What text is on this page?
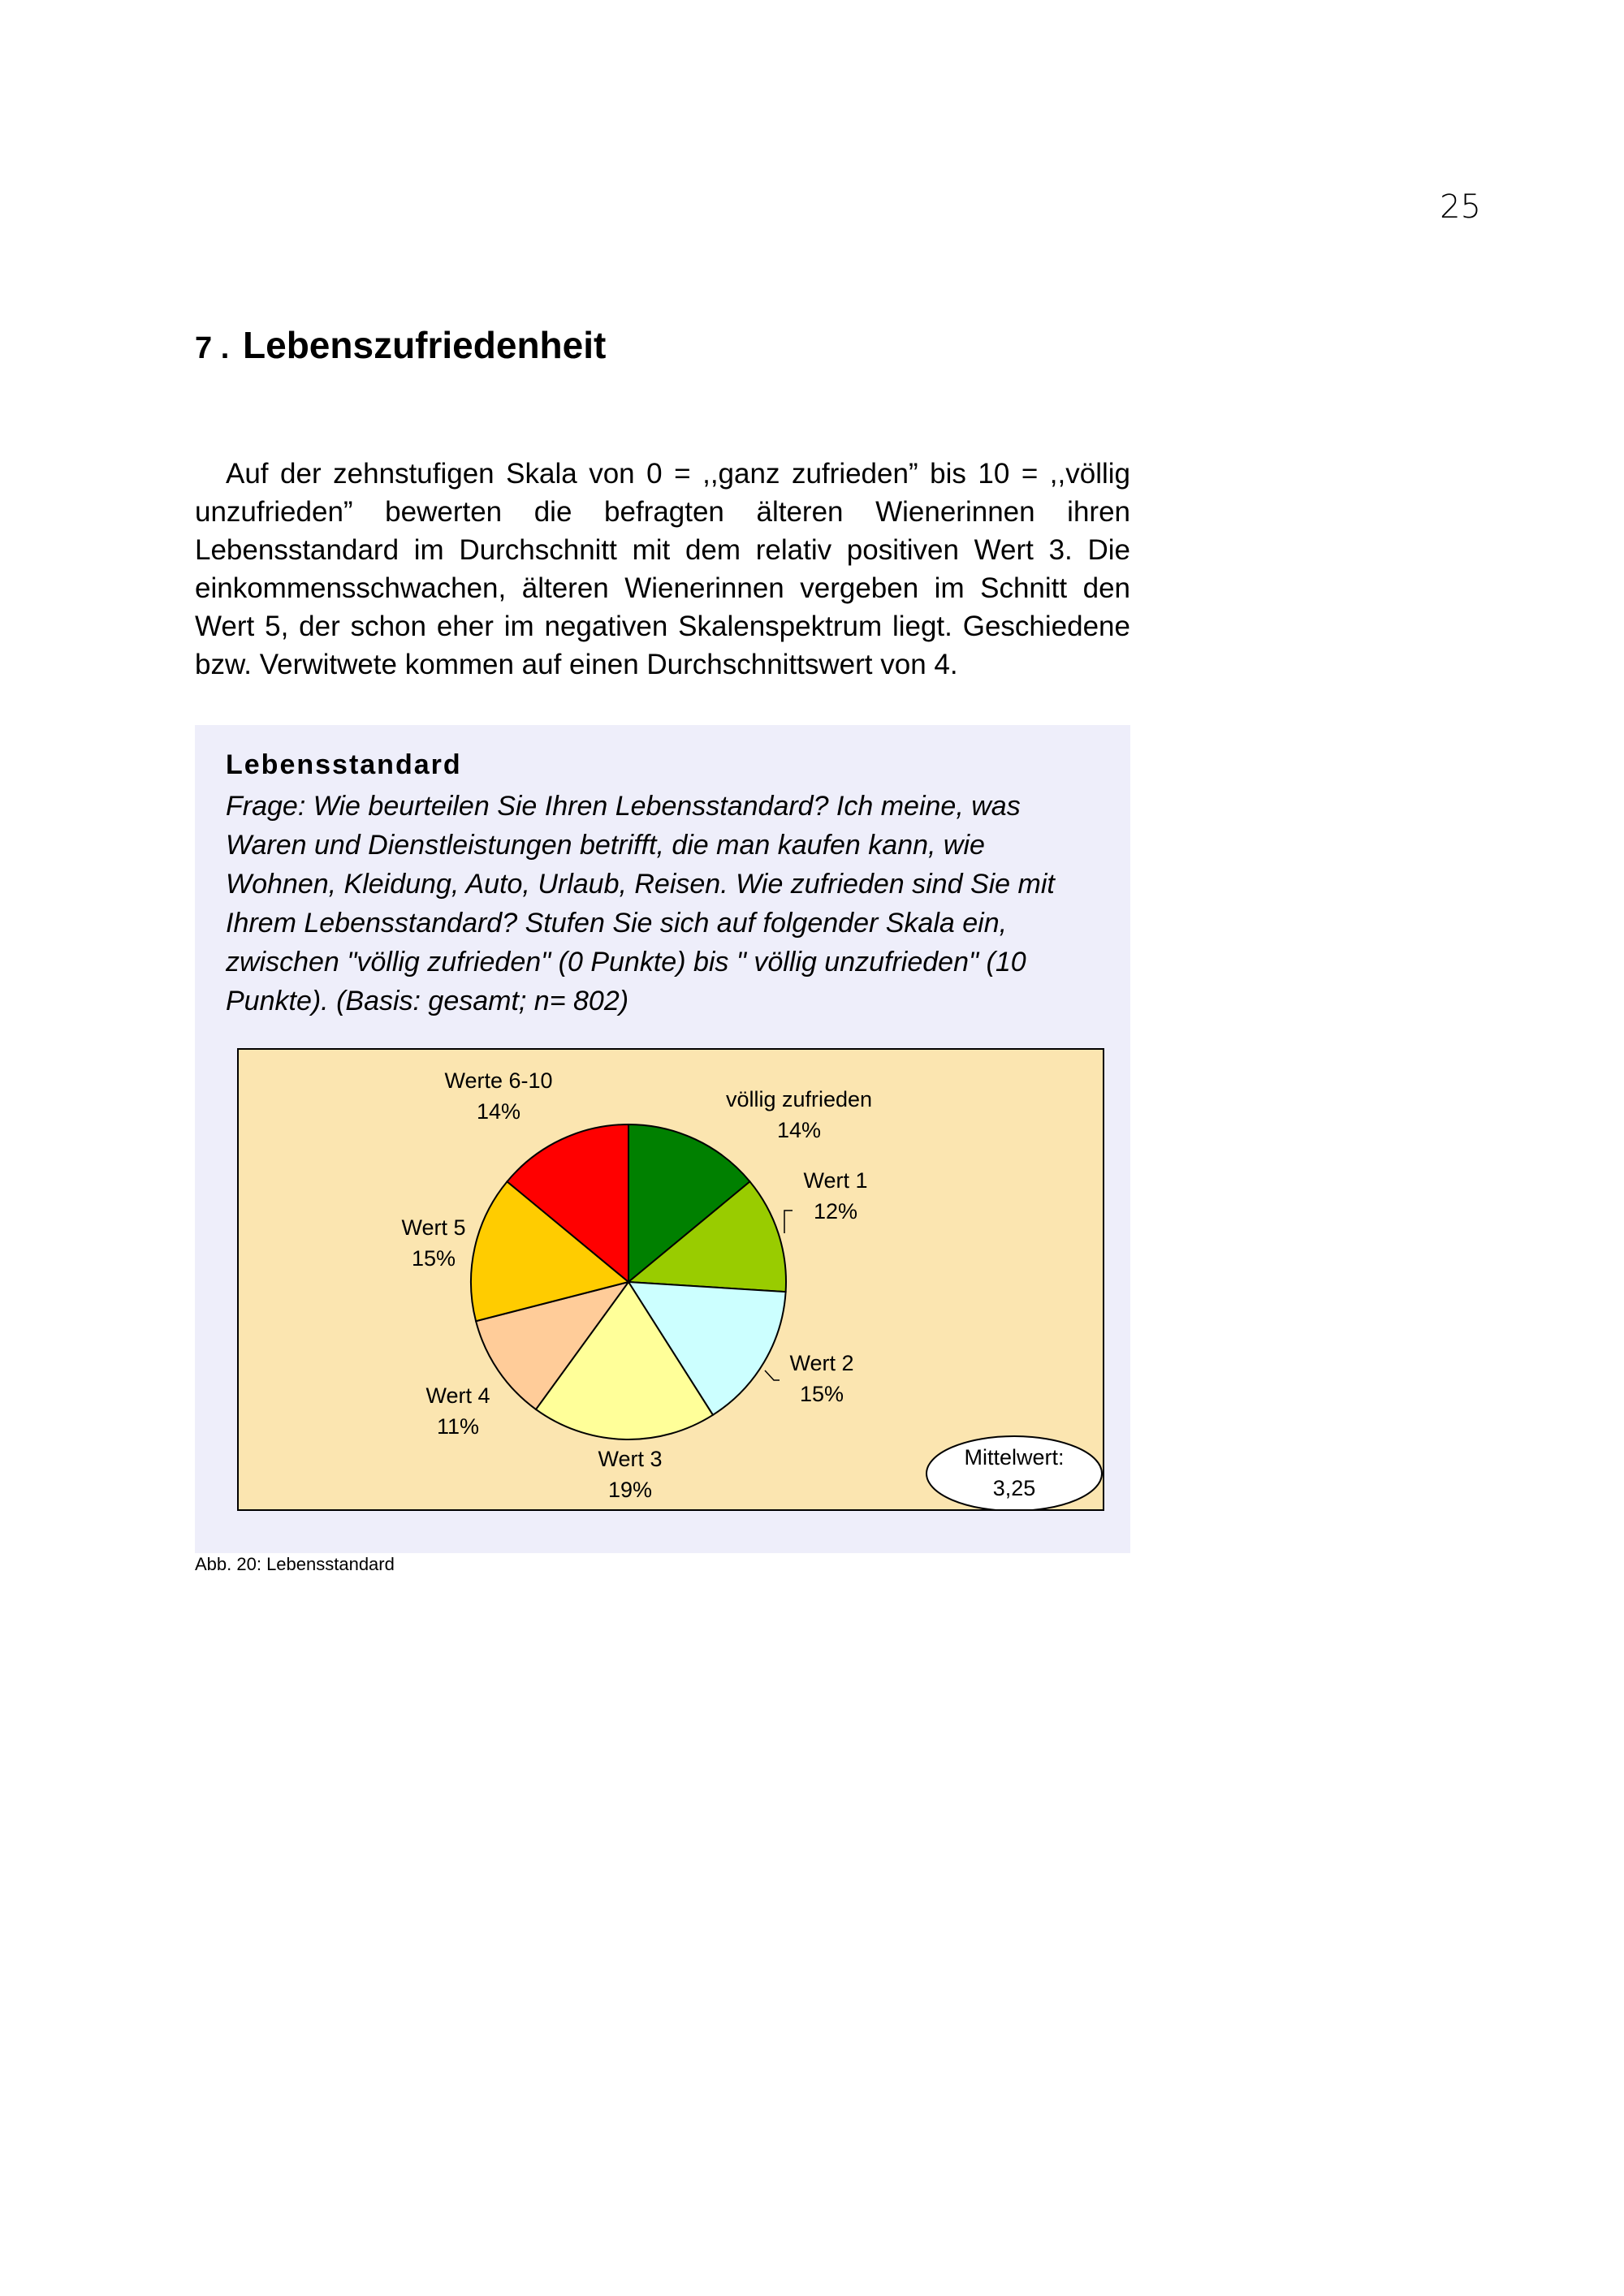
25
7 . Lebenszufriedenheit
Auf der zehnstufigen Skala von 0 = ,,ganz zufrieden” bis 10 = ,,völlig unzufrieden” bewerten die befragten älteren Wienerinnen ihren Lebensstandard im Durchschnitt mit dem relativ positiven Wert 3. Die einkommensschwachen, älteren Wienerinnen vergeben im Schnitt den Wert 5, der schon eher im negativen Skalenspektrum liegt. Geschiedene bzw. Verwitwete kommen auf einen Durchschnittswert von 4.
Lebensstandard
Frage: Wie beurteilen Sie Ihren Lebensstandard? Ich meine, was Waren und Dienstleistungen betrifft, die man kaufen kann, wie Wohnen, Kleidung, Auto, Urlaub, Reisen. Wie zufrieden sind Sie mit Ihrem Lebensstandard? Stufen Sie sich auf folgender Skala ein, zwischen "völlig zufrieden" (0 Punkte) bis " völlig unzufrieden" (10 Punkte). (Basis: gesamt; n= 802)
völlig zufrieden
14%
Wert 1
12%
Wert 2
15%
Wert 3
19%
Wert 4
11%
Wert 5
15%
Werte 6-10
14%
Mittelwert:
3,25
Abb. 20: Lebensstandard
